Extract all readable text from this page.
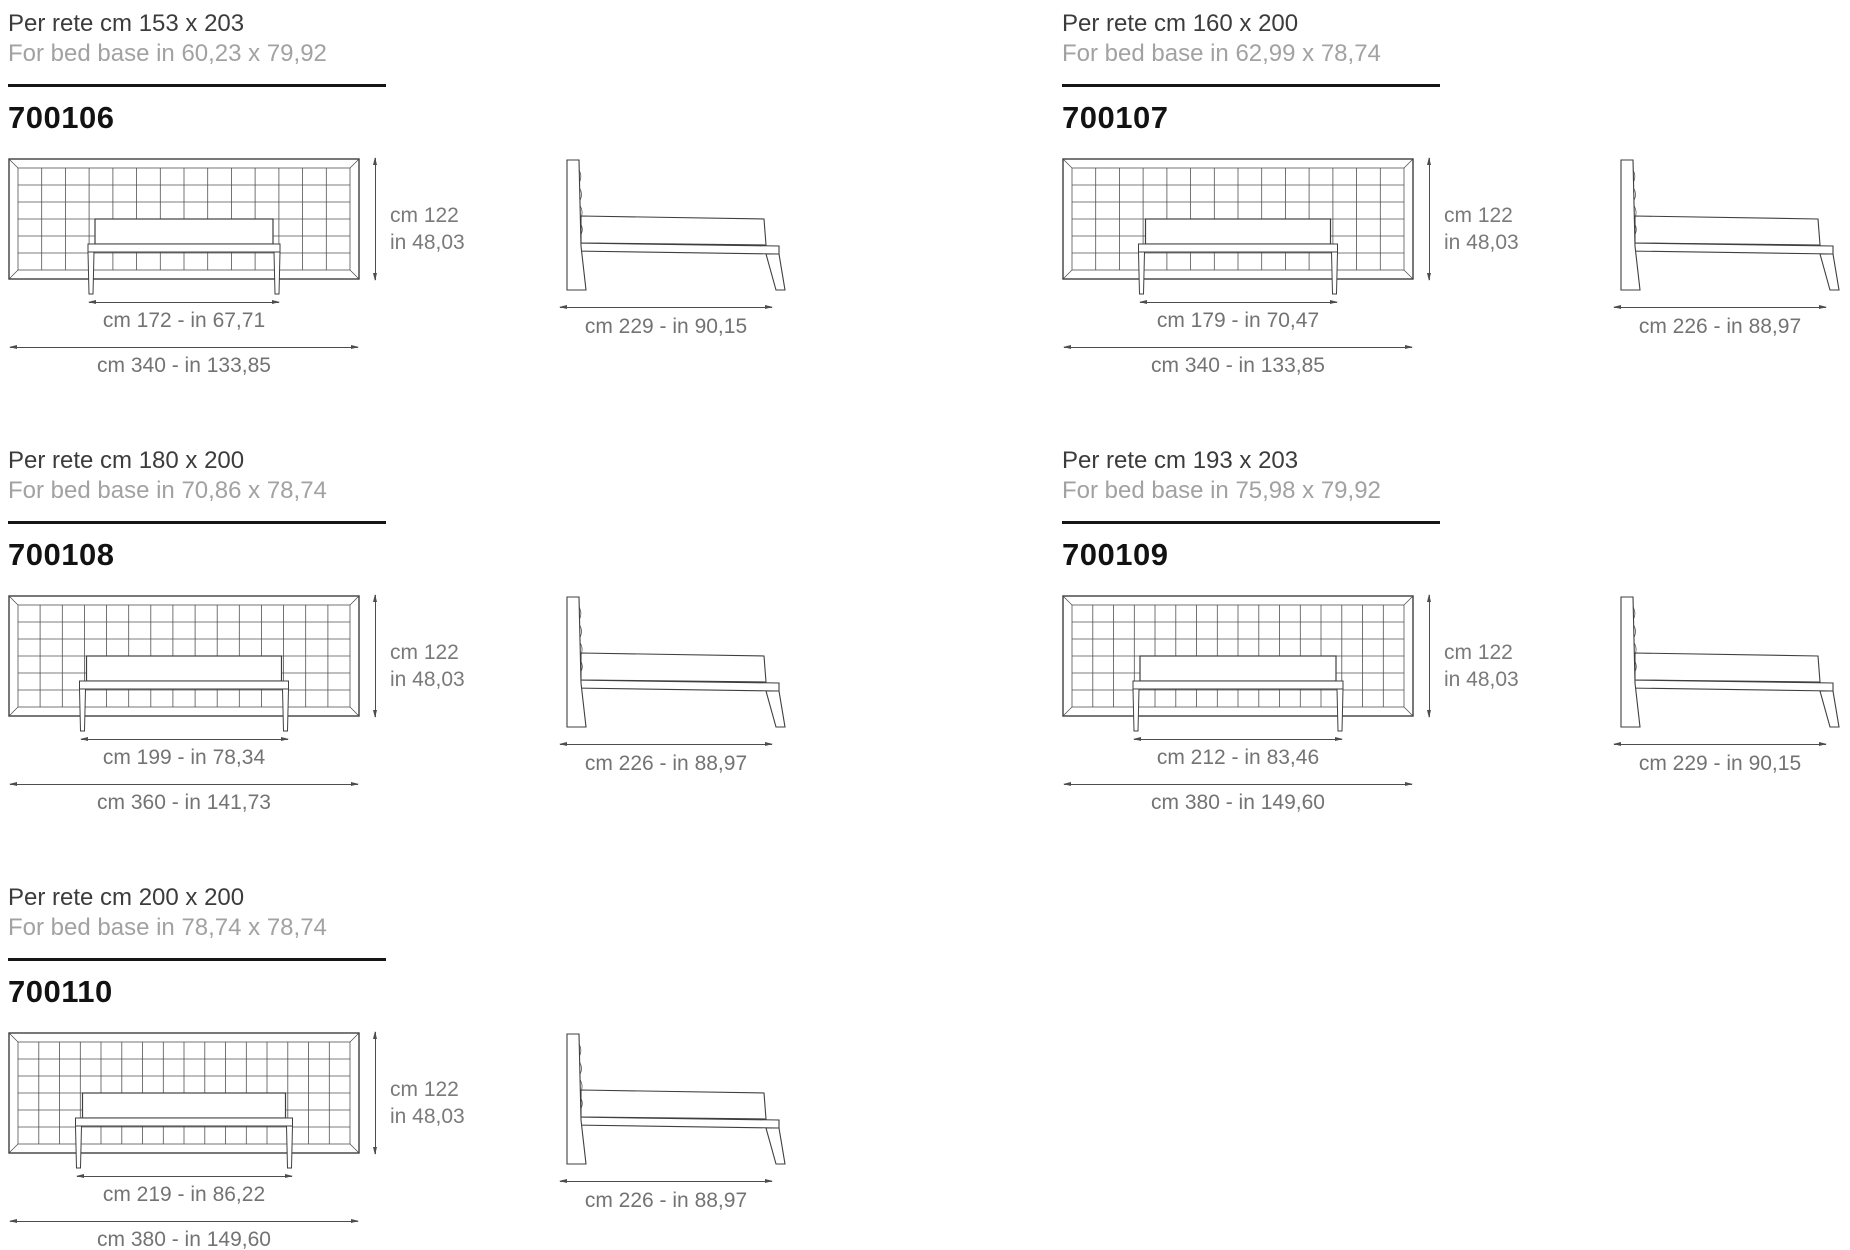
Per rete cm 153 x 203
For bed base in 60,23 x 79,92
700106
cm 172 - in 67,71
cm 340 - in 133,85
cm 122
in 48,03
cm 229 - in 90,15
Per rete cm 160 x 200
For bed base in 62,99 x 78,74
700107
cm 179 - in 70,47
cm 340 - in 133,85
cm 122
in 48,03
cm 226 - in 88,97
Per rete cm 180 x 200
For bed base in 70,86 x 78,74
700108
cm 199 - in 78,34
cm 360 - in 141,73
cm 122
in 48,03
cm 226 - in 88,97
Per rete cm 193 x 203
For bed base in 75,98 x 79,92
700109
cm 212 - in 83,46
cm 380 - in 149,60
cm 122
in 48,03
cm 229 - in 90,15
Per rete cm 200 x 200
For bed base in 78,74 x 78,74
700110
cm 219 - in 86,22
cm 380 - in 149,60
cm 122
in 48,03
cm 226 - in 88,97
